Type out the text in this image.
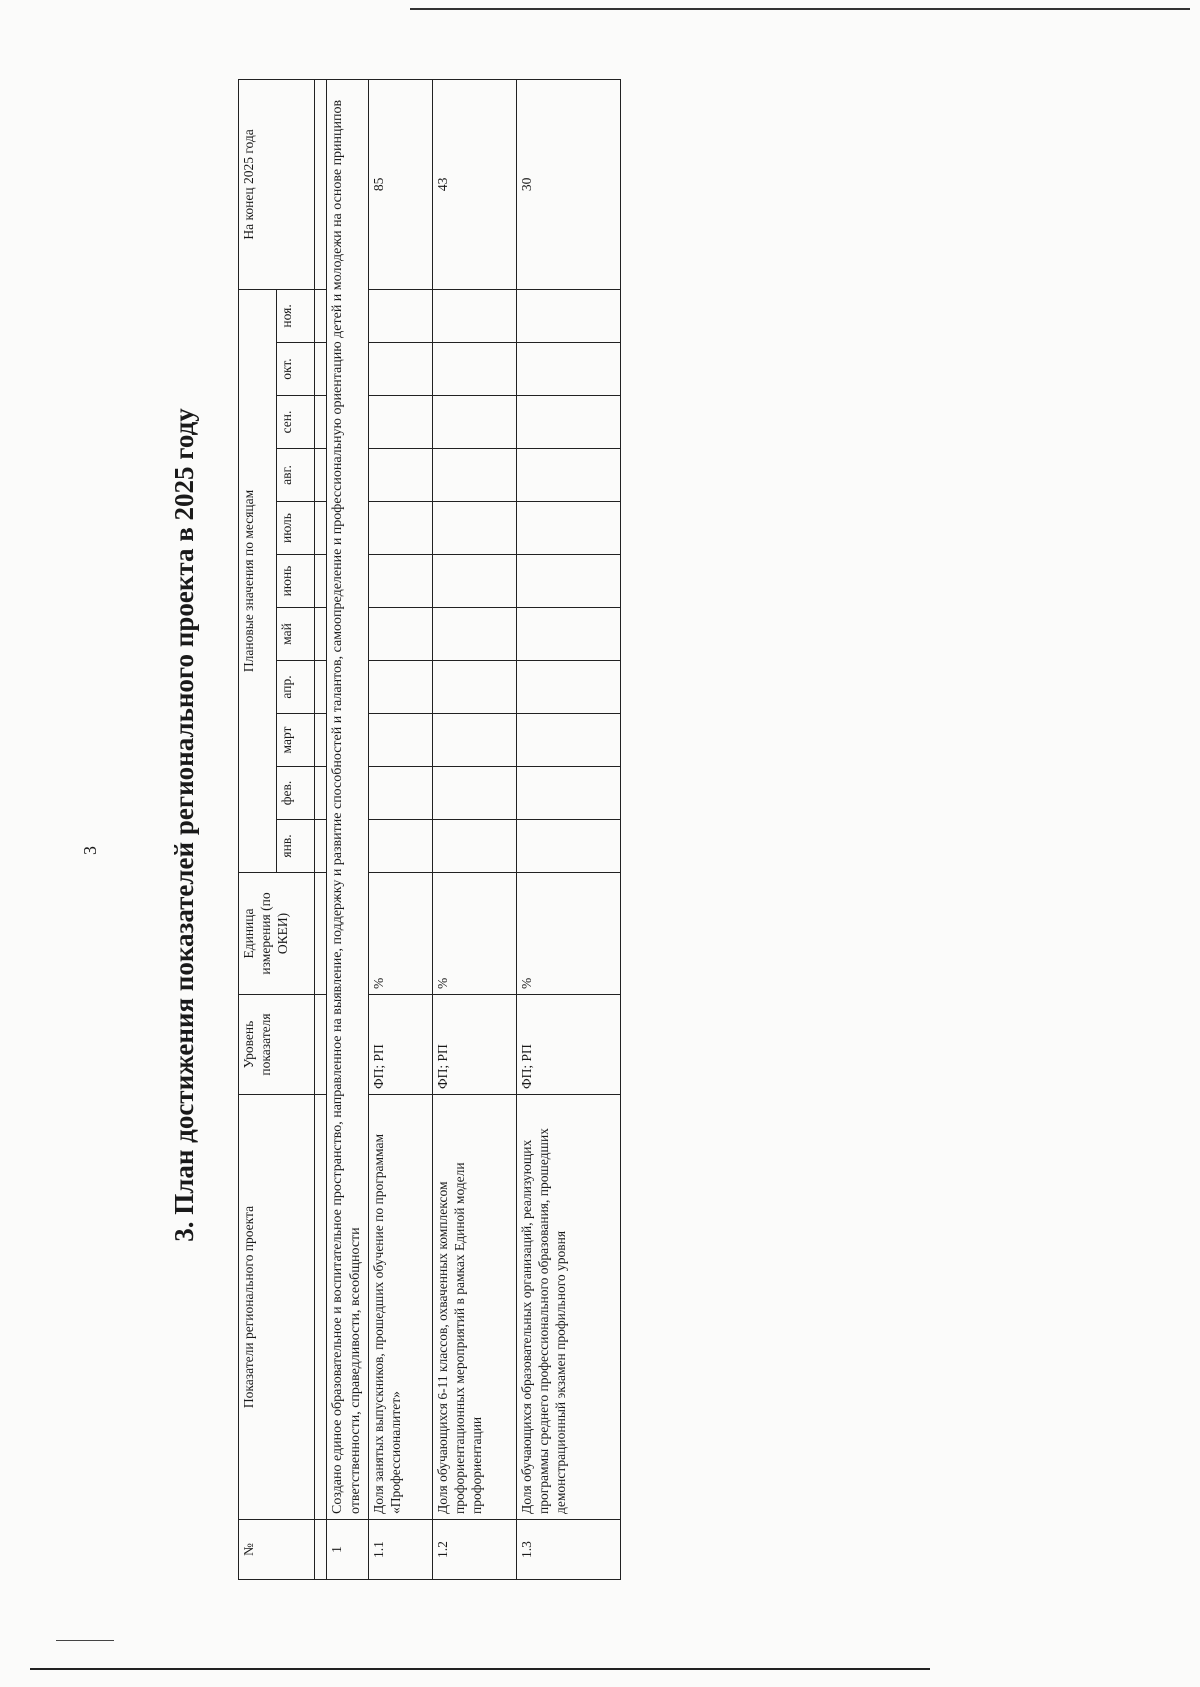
3	3. План достижения показателей регионального проекта в 2025 году
№	Показатели регионального проекта	Уровень показателя	Единица измерения (по ОКЕИ)	Плановые значения по месяцам											На конец 2025 года
				янв.	фев.	март	апр.	май	июнь	июль	авг.	сен.	окт.	ноя.	

1	Создано единое образовательное и воспитательное пространство, направленное на выявление, поддержку и развитие способностей и талантов, самоопределение и профессиональную ориентацию детей и молодежи на основе принципов ответственности, справедливости, всеобщности														
1.1	Доля занятых выпускников, прошедших обучение по программам «Профессионалитет»	ФП; РП	%												85
1.2	Доля обучающихся 6-11 классов, охваченных комплексом профориентационных мероприятий в рамках Единой модели профориентации	ФП; РП	%												43
1.3	Доля обучающихся образовательных организаций, реализующих программы среднего профессионального образования, прошедших демонстрационный экзамен профильного уровня	ФП; РП	%												30
